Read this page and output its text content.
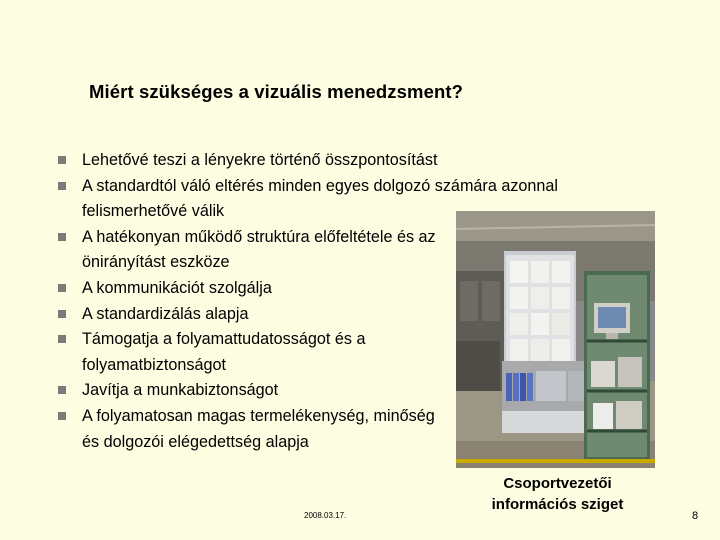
Miért szükséges a vizuális menedzsment?
Lehetővé teszi a lényekre történő összpontosítást
A standardtól váló eltérés minden egyes dolgozó számára azonnal felismerhetővé válik
A hatékonyan működő struktúra előfeltétele és az önirányítást eszköze
A kommunikációt szolgálja
A standardizálás alapja
Támogatja a folyamattudatosságot és a folyamatbiztonságot
Javítja a munkabiztonságot
A folyamatosan magas termelékenység, minőség és dolgozói elégedettség alapja
Csoportvezetői
információs sziget
2008.03.17.	8
